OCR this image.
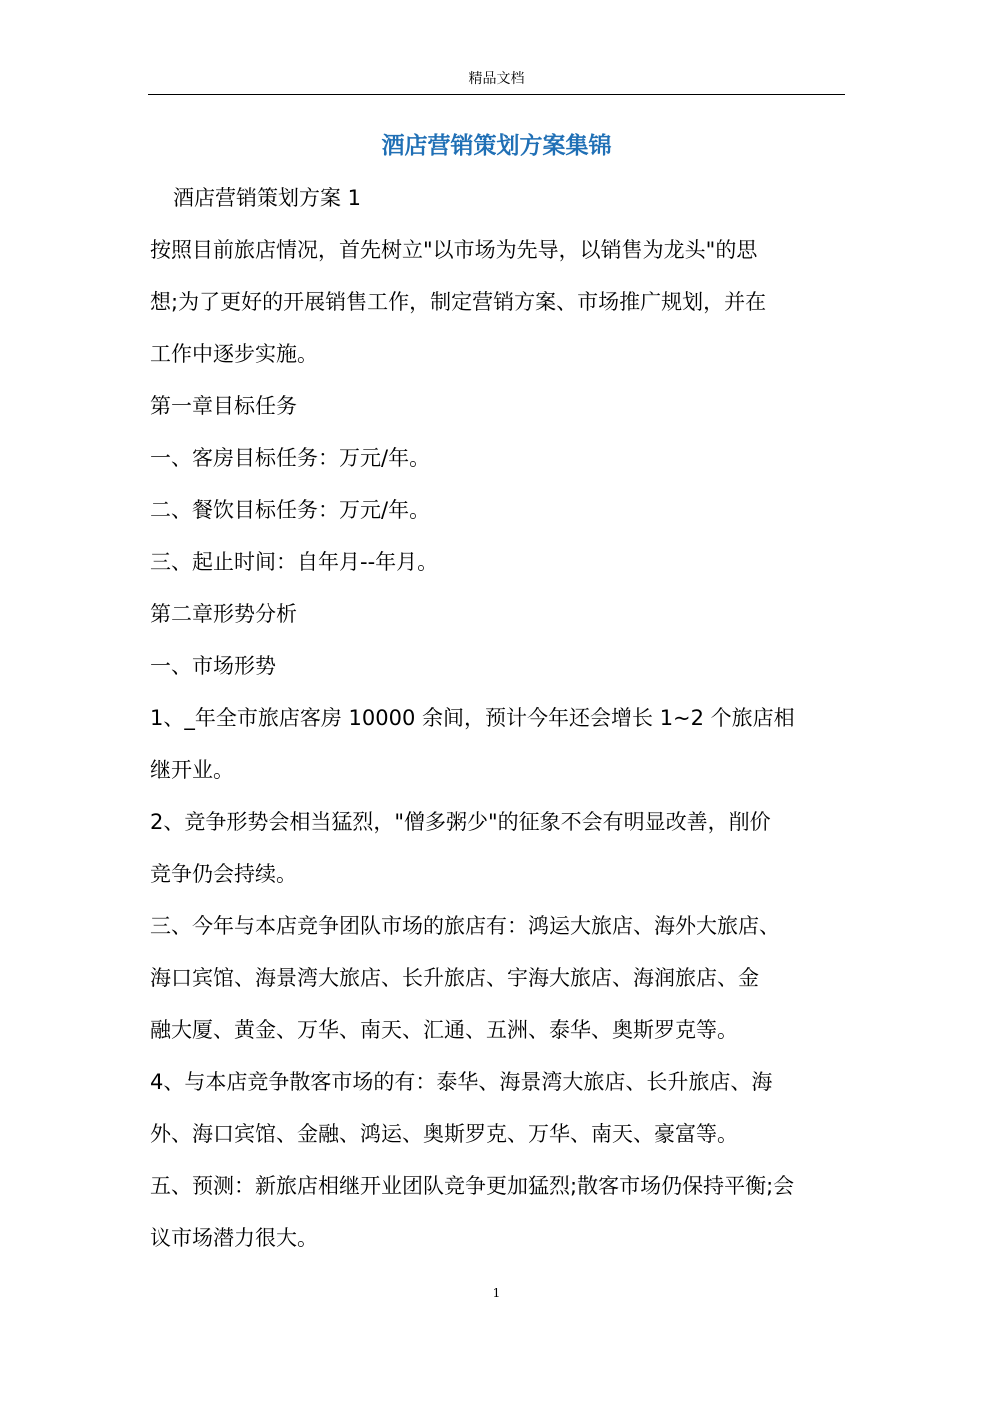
精品文档
酒店营销策划方案集锦
酒店营销策划方案 1
按照目前旅店情况，首先树立"以市场为先导，以销售为龙头"的思
想;为了更好的开展销售工作，制定营销方案、市场推广规划，并在
工作中逐步实施。
第一章目标任务
一、客房目标任务：万元/年。
二、餐饮目标任务：万元/年。
三、起止时间：自年月--年月。
第二章形势分析
一、市场形势
1、_年全市旅店客房 10000 余间，预计今年还会增长 1~2 个旅店相
继开业。
2、竞争形势会相当猛烈，"僧多粥少"的征象不会有明显改善，削价
竞争仍会持续。
三、今年与本店竞争团队市场的旅店有：鸿运大旅店、海外大旅店、
海口宾馆、海景湾大旅店、长升旅店、宇海大旅店、海润旅店、金
融大厦、黄金、万华、南天、汇通、五洲、泰华、奥斯罗克等。
4、与本店竞争散客市场的有：泰华、海景湾大旅店、长升旅店、海
外、海口宾馆、金融、鸿运、奥斯罗克、万华、南天、豪富等。
五、预测：新旅店相继开业团队竞争更加猛烈;散客市场仍保持平衡;会
议市场潜力很大。
1
